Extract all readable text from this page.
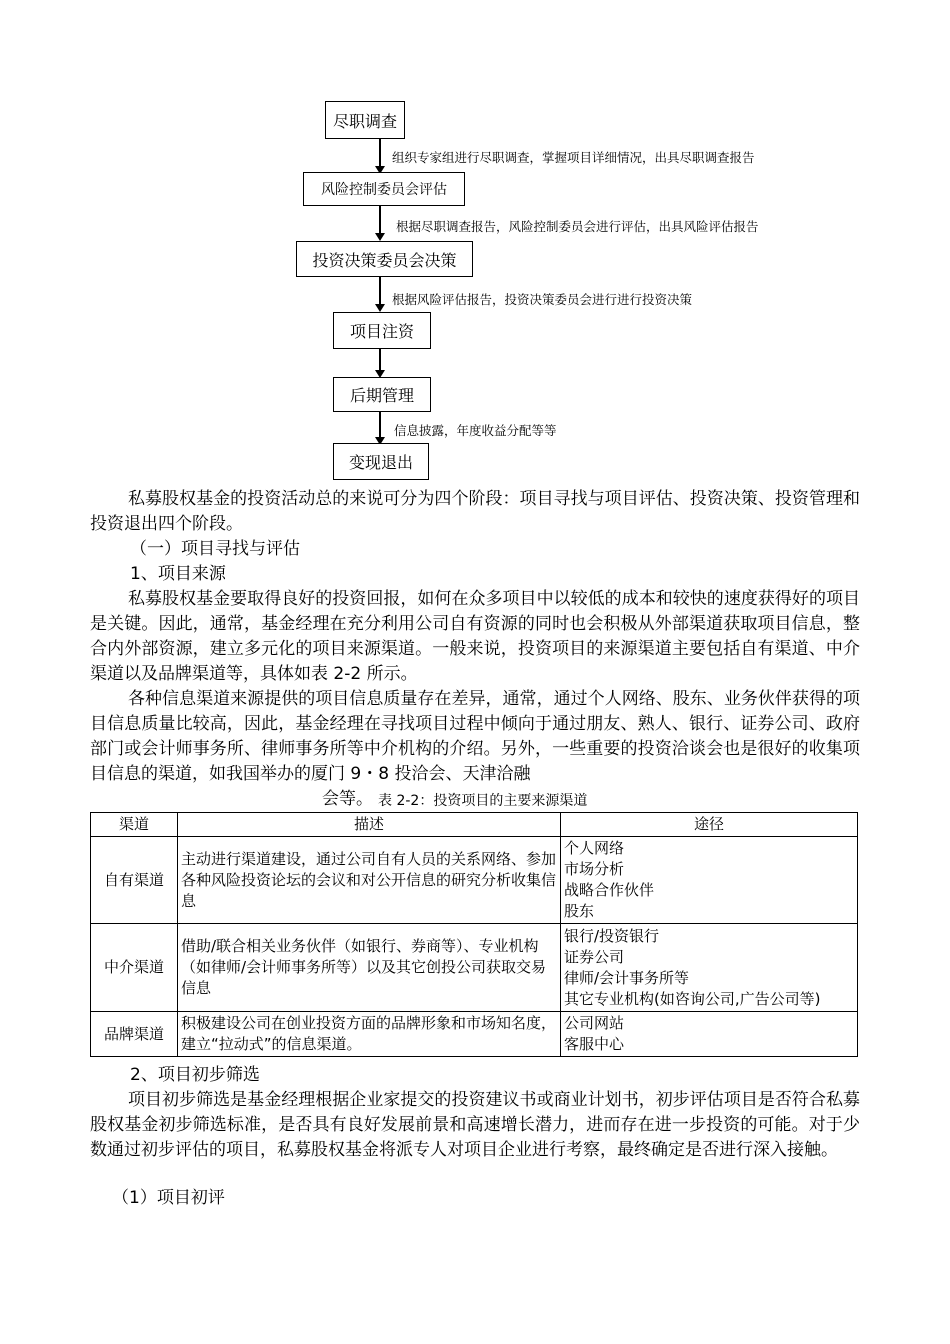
尽职调查
组织专家组进行尽职调查，掌握项目详细情况，出具尽职调查报告
风险控制委员会评估
根据尽职调查报告，风险控制委员会进行评估，出具风险评估报告
投资决策委员会决策
根据风险评估报告，投资决策委员会进行进行投资决策
项目注资
后期管理
信息披露，年度收益分配等等
变现退出
私募股权基金的投资活动总的来说可分为四个阶段：项目寻找与项目评估、投资决策、投资管理和投资退出四个阶段。
（一）项目寻找与评估
1、项目来源
私募股权基金要取得良好的投资回报，如何在众多项目中以较低的成本和较快的速度获得好的项目是关键。因此，通常，基金经理在充分利用公司自有资源的同时也会积极从外部渠道获取项目信息，整合内外部资源，建立多元化的项目来源渠道。一般来说，投资项目的来源渠道主要包括自有渠道、中介渠道以及品牌渠道等，具体如表 2-2 所示。
各种信息渠道来源提供的项目信息质量存在差异，通常，通过个人网络、股东、业务伙伴获得的项目信息质量比较高，因此，基金经理在寻找项目过程中倾向于通过朋友、熟人、银行、证券公司、政府部门或会计师事务所、律师事务所等中介机构的介绍。另外，一些重要的投资洽谈会也是很好的收集项目信息的渠道，如我国举办的厦门 9・8 投洽会、天津洽融
会等。 表 2-2：投资项目的主要来源渠道
渠道	描述	途径
自有渠道	主动进行渠道建设，通过公司自有人员的关系网络、参加各种风险投资论坛的会议和对公开信息的研究分析收集信息	个人网络
市场分析
战略合作伙伴
股东

中介渠道	借助/联合相关业务伙伴（如银行、券商等）、专业机构（如律师/会计师事务所等）以及其它创投公司获取交易信息	银行/投资银行
证券公司
律师/会计事务所等
其它专业机构(如咨询公司,广告公司等)

品牌渠道	积极建设公司在创业投资方面的品牌形象和市场知名度，建立“拉动式”的信息渠道。	公司网站
客服中心
2、项目初步筛选
项目初步筛选是基金经理根据企业家提交的投资建议书或商业计划书，初步评估项目是否符合私募股权基金初步筛选标准，是否具有良好发展前景和高速增长潜力，进而存在进一步投资的可能。对于少数通过初步评估的项目，私募股权基金将派专人对项目企业进行考察，最终确定是否进行深入接触。
（1）项目初评
